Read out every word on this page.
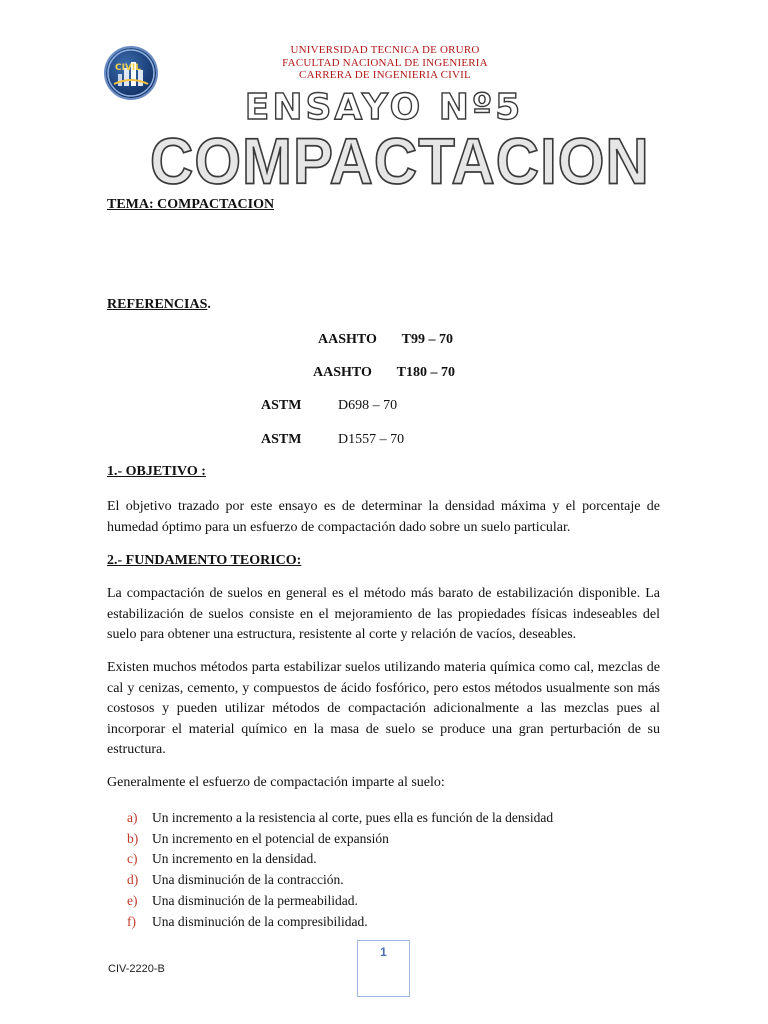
CIVIL
UNIVERSIDAD TECNICA DE ORURO
FACULTAD NACIONAL DE INGENIERIA
CARRERA DE INGENIERIA CIVIL
ENSAYO Nº5
COMPACTACION
TEMA: COMPACTACION
REFERENCIAS.
AASHTO T99 – 70
AASHTO T180 – 70
ASTM	D698 – 70
ASTM	D1557 – 70
1.- OBJETIVO :

El objetivo trazado por este ensayo es de determinar la densidad máxima y el porcentaje de humedad óptimo para un esfuerzo de compactación dado sobre un suelo particular.

2.- FUNDAMENTO TEORICO:

La compactación de suelos en general es el método más barato de estabilización disponible. La estabilización de suelos consiste en el mejoramiento de las propiedades físicas indeseables del suelo para obtener una estructura, resistente al corte y relación de vacíos, deseables.

Existen muchos métodos parta estabilizar suelos utilizando materia química como cal, mezclas de cal y cenizas, cemento, y compuestos de ácido fosfórico, pero estos métodos usualmente son más costosos y pueden utilizar métodos de compactación adicionalmente a las mezclas pues al incorporar el material químico en la masa de suelo se produce una gran perturbación de su estructura.

Generalmente el esfuerzo de compactación imparte al suelo:

a) Un incremento a la resistencia al corte, pues ella es función de la densidad
b) Un incremento en el potencial de expansión
c) Un incremento en la densidad.
d) Una disminución de la contracción.
e) Una disminución de la permeabilidad.
f) Una disminución de la compresibilidad.
1
CIV-2220-B
